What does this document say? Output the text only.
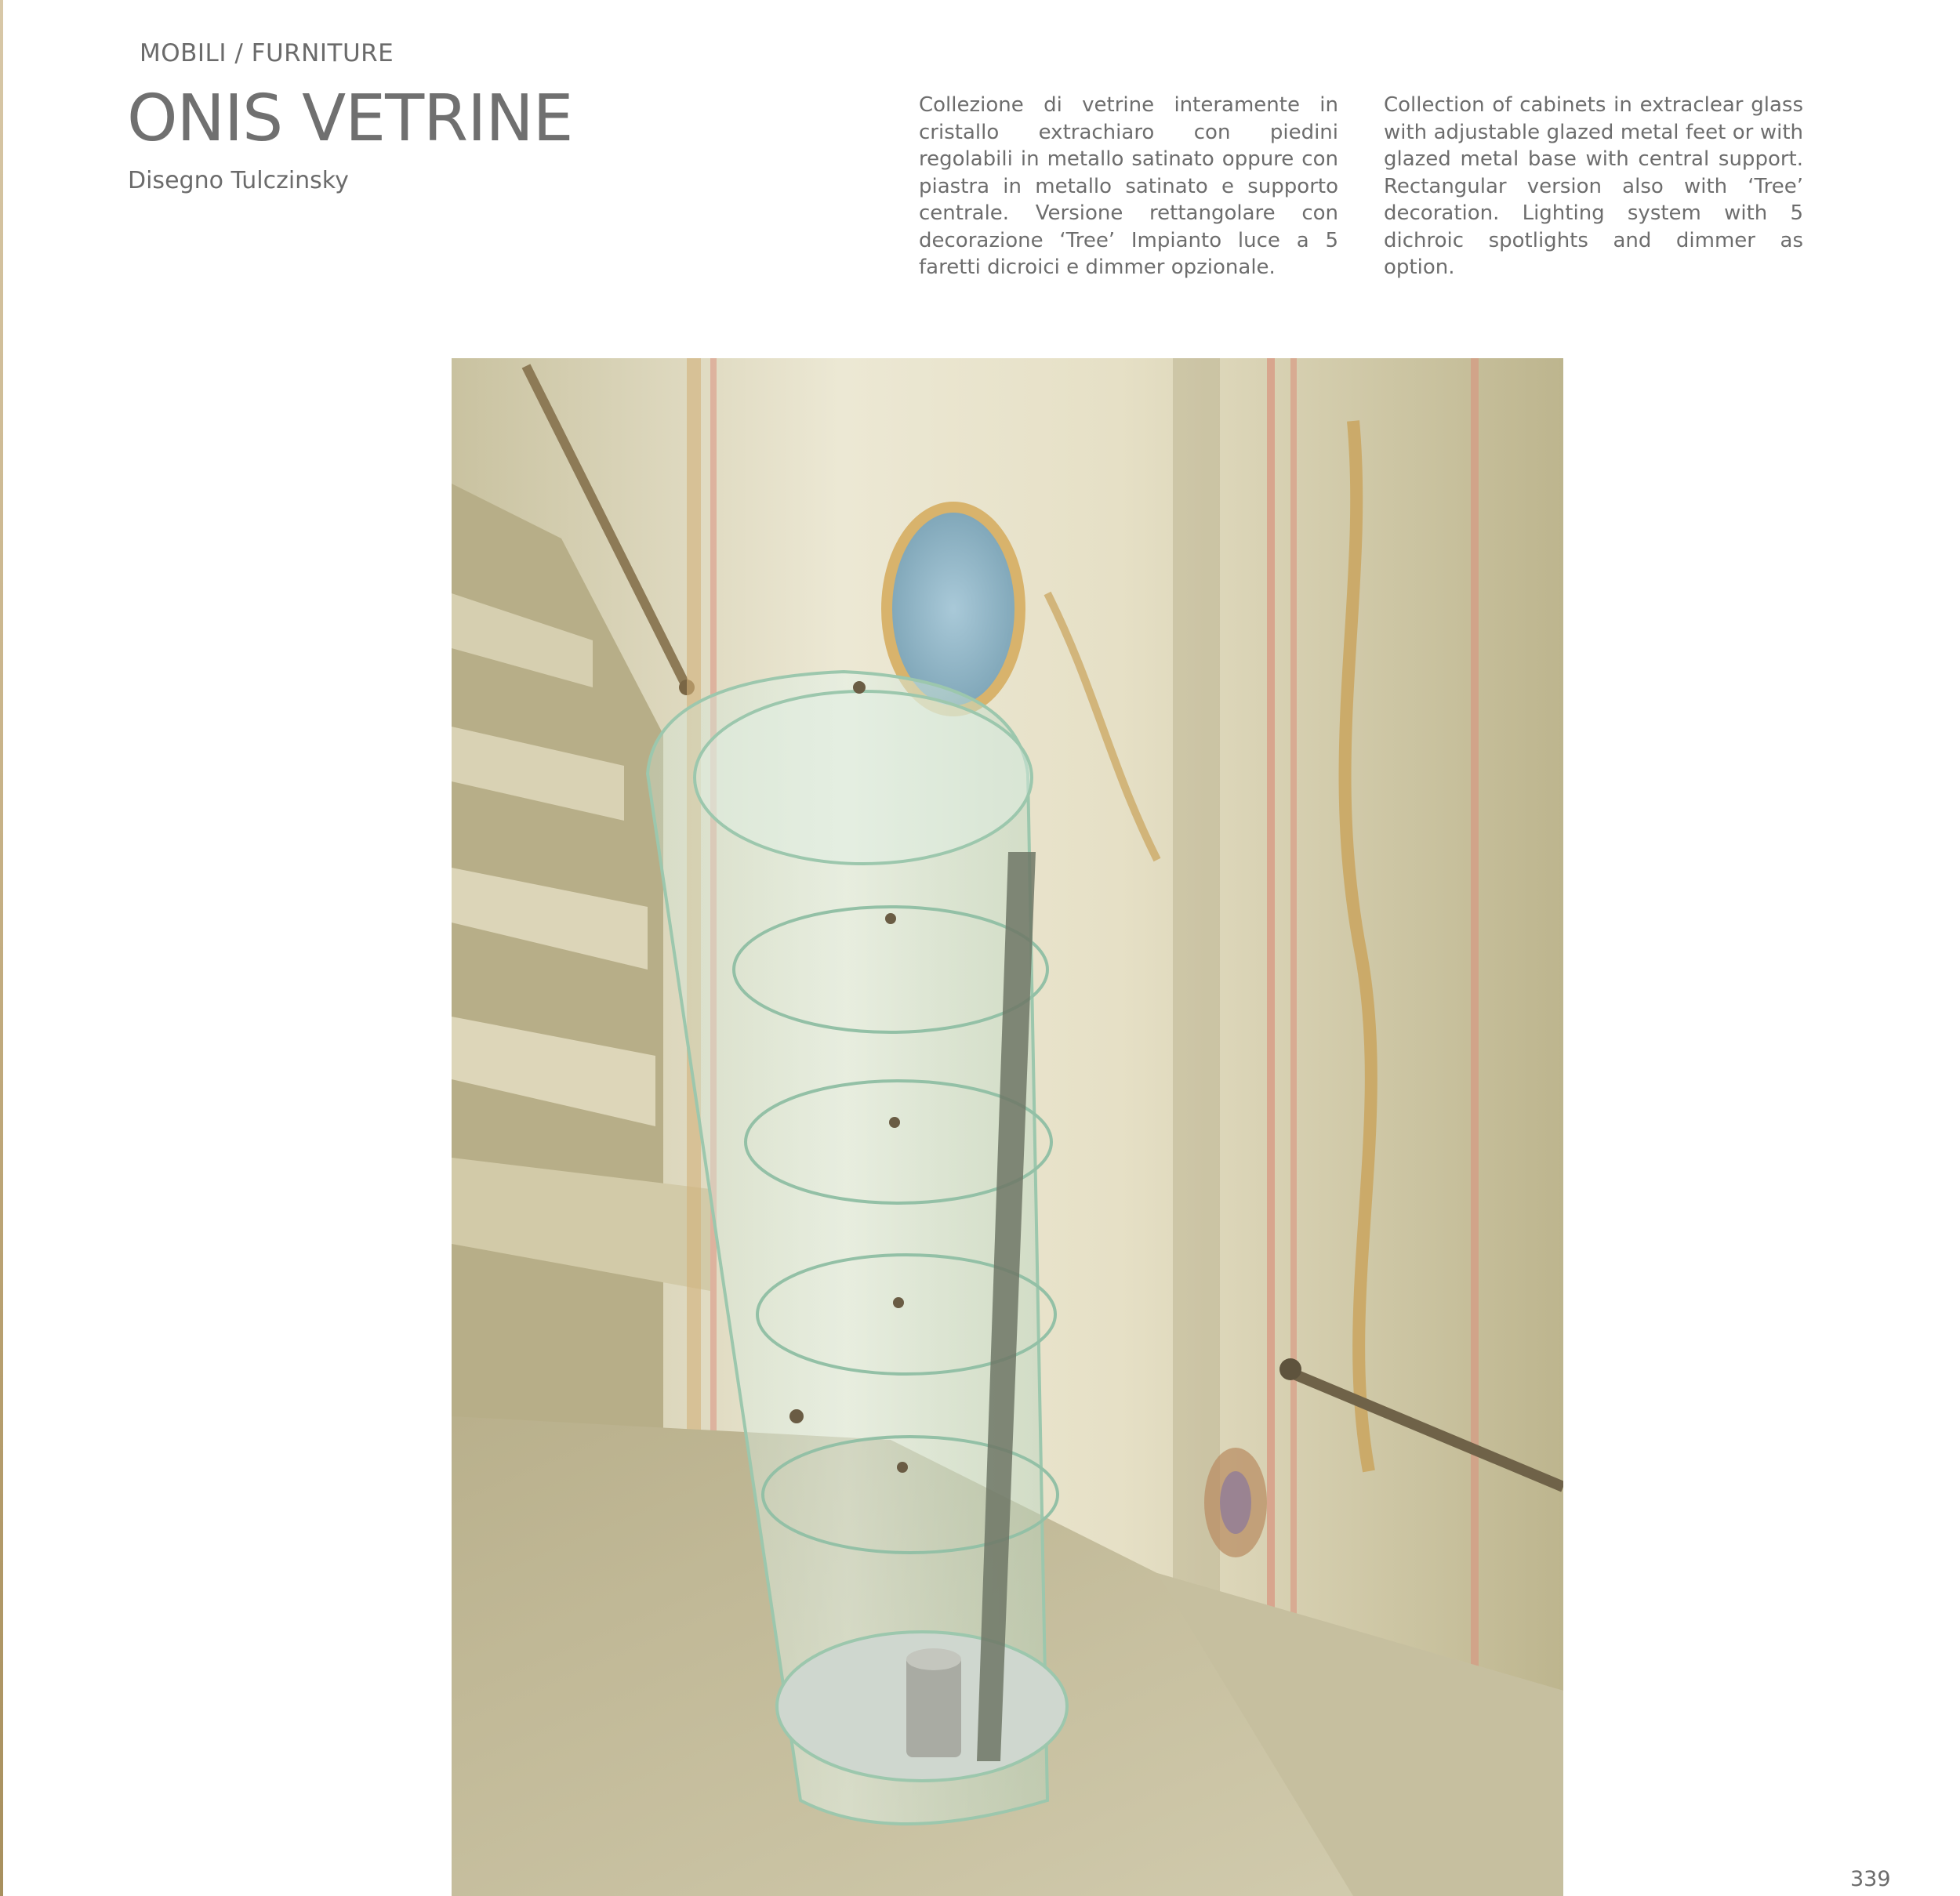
MOBILI / FURNITURE
ONIS VETRINE
Disegno Tulczinsky

Collezione di vetrine interamente in cristallo extrachiaro con piedini regolabili in metallo satinato oppure con piastra in metallo satinato e supporto centrale. Versione rettangolare con decorazione ‘Tree’ Impianto luce a 5 faretti dicroici e dimmer opzionale.

Collection of cabinets in extraclear glass with adjustable glazed metal feet or with glazed metal base with central support. Rectangular version also with ‘Tree’ decoration. Lighting system with 5 dichroic spotlights and dimmer as option.

339
